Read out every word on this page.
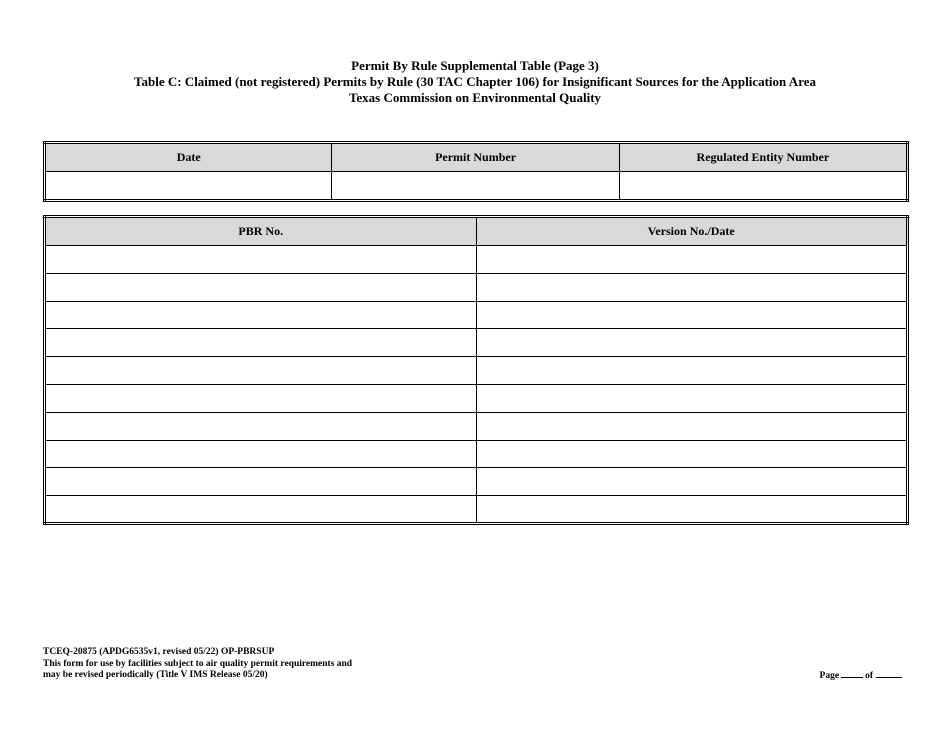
Permit By Rule Supplemental Table (Page 3)
Table C: Claimed (not registered) Permits by Rule (30 TAC Chapter 106) for Insignificant Sources for the Application Area
Texas Commission on Environmental Quality
Date	Permit Number	Regulated Entity Number

PBR No.	Version No./Date

TCEQ-20875 (APDG6535v1, revised 05/22) OP-PBRSUP
This form for use by facilities subject to air quality permit requirements and
may be revised periodically (Title V IMS Release 05/20)	Page	of
